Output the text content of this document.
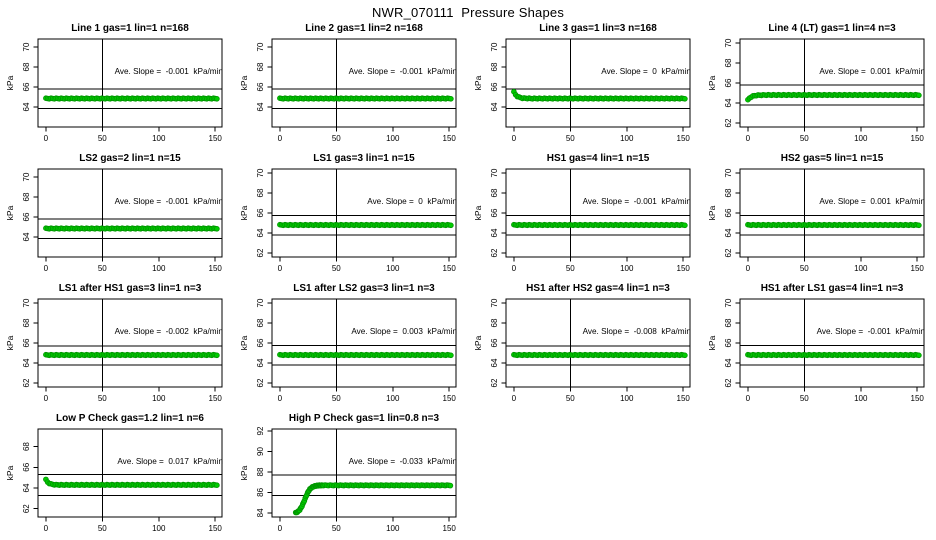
NWR_070111  Pressure Shapes
Line 1 gas=1 lin=1 n=168
64
66
68
70
kPa
0	50	100	150
Ave. Slope =  -0.001  kPa/min
Line 2 gas=1 lin=2 n=168
64
66
68
70
kPa
0	50	100	150
Ave. Slope =  -0.001  kPa/min
Line 3 gas=1 lin=3 n=168
64
66
68
70
kPa
0	50	100	150
Ave. Slope =  0  kPa/min
Line 4 (LT) gas=1 lin=4 n=3
62
64
66
68
70
kPa
0	50	100	150
Ave. Slope =  0.001  kPa/min
LS2 gas=2 lin=1 n=15
64
66
68
70
kPa
0	50	100	150
Ave. Slope =  -0.001  kPa/min
LS1 gas=3 lin=1 n=15
62
64
66
68
70
kPa
0	50	100	150
Ave. Slope =  0  kPa/min
HS1 gas=4 lin=1 n=15
62
64
66
68
70
kPa
0	50	100	150
Ave. Slope =  -0.001  kPa/min
HS2 gas=5 lin=1 n=15
62
64
66
68
70
kPa
0	50	100	150
Ave. Slope =  0.001  kPa/min
LS1 after HS1 gas=3 lin=1 n=3
62
64
66
68
70
kPa
0	50	100	150
Ave. Slope =  -0.002  kPa/min
LS1 after LS2 gas=3 lin=1 n=3
62
64
66
68
70
kPa
0	50	100	150
Ave. Slope =  0.003  kPa/min
HS1 after HS2 gas=4 lin=1 n=3
62
64
66
68
70
kPa
0	50	100	150
Ave. Slope =  -0.008  kPa/min
HS1 after LS1 gas=4 lin=1 n=3
62
64
66
68
70
kPa
0	50	100	150
Ave. Slope =  -0.001  kPa/min
Low P Check gas=1.2 lin=1 n=6
62
64
66
68
kPa
0	50	100	150
Ave. Slope =  0.017  kPa/min
High P Check gas=1 lin=0.8 n=3
84
86
88
90
92
kPa
0	50	100	150
Ave. Slope =  -0.033  kPa/min
